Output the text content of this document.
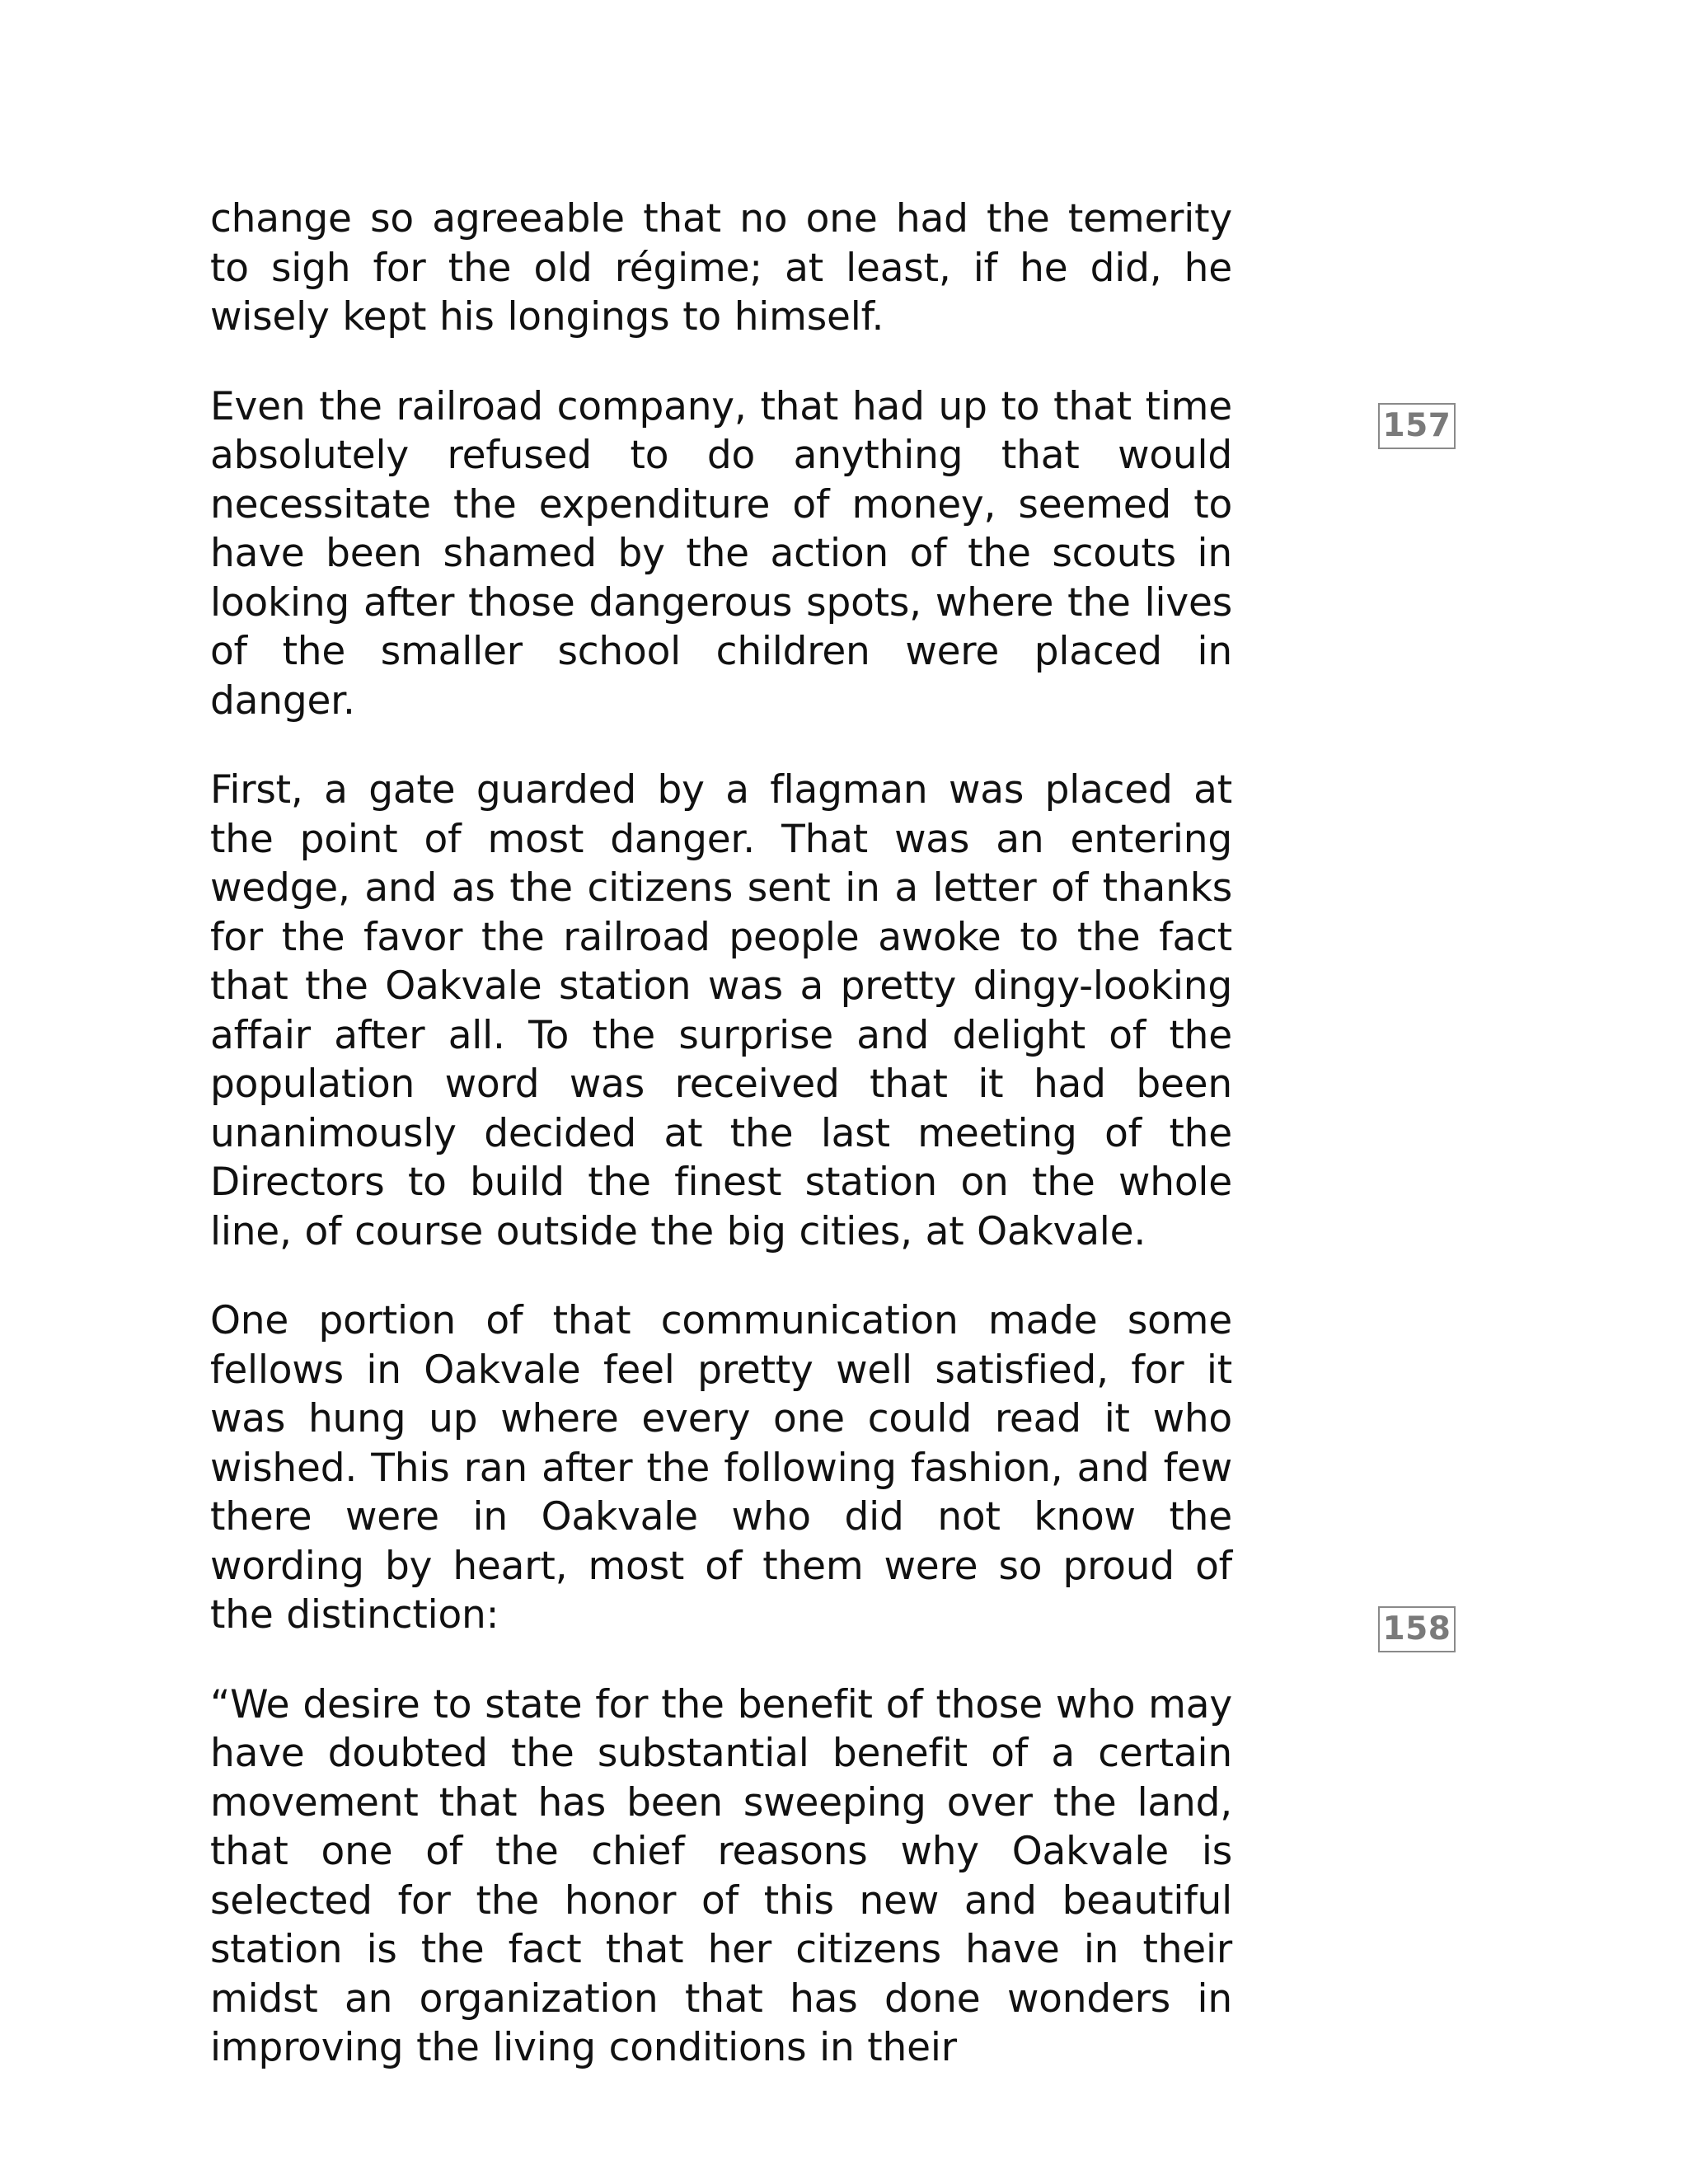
change so agreeable that no one had the temerity to sigh for the old régime; at least, if he did, he wisely kept his longings to himself.

Even the railroad company, that had up to that time absolutely refused to do anything that would necessitate the expenditure of money, seemed to have been shamed by the action of the scouts in looking after those dangerous spots, where the lives of the smaller school children were placed in danger.

First, a gate guarded by a flagman was placed at the point of most danger. That was an entering wedge, and as the citizens sent in a letter of thanks for the favor the railroad people awoke to the fact that the Oakvale station was a pretty dingy-looking affair after all. To the surprise and delight of the population word was received that it had been unanimously decided at the last meeting of the Directors to build the finest station on the whole line, of course outside the big cities, at Oakvale.

One portion of that communication made some fellows in Oakvale feel pretty well satisfied, for it was hung up where every one could read it who wished. This ran after the following fashion, and few there were in Oakvale who did not know the wording by heart, most of them were so proud of the distinction:

“We desire to state for the benefit of those who may have doubted the substantial benefit of a certain movement that has been sweeping over the land, that one of the chief reasons why Oakvale is selected for the honor of this new and beautiful station is the fact that her citizens have in their midst an organization that has done wonders in improving the living conditions in their

157
158
